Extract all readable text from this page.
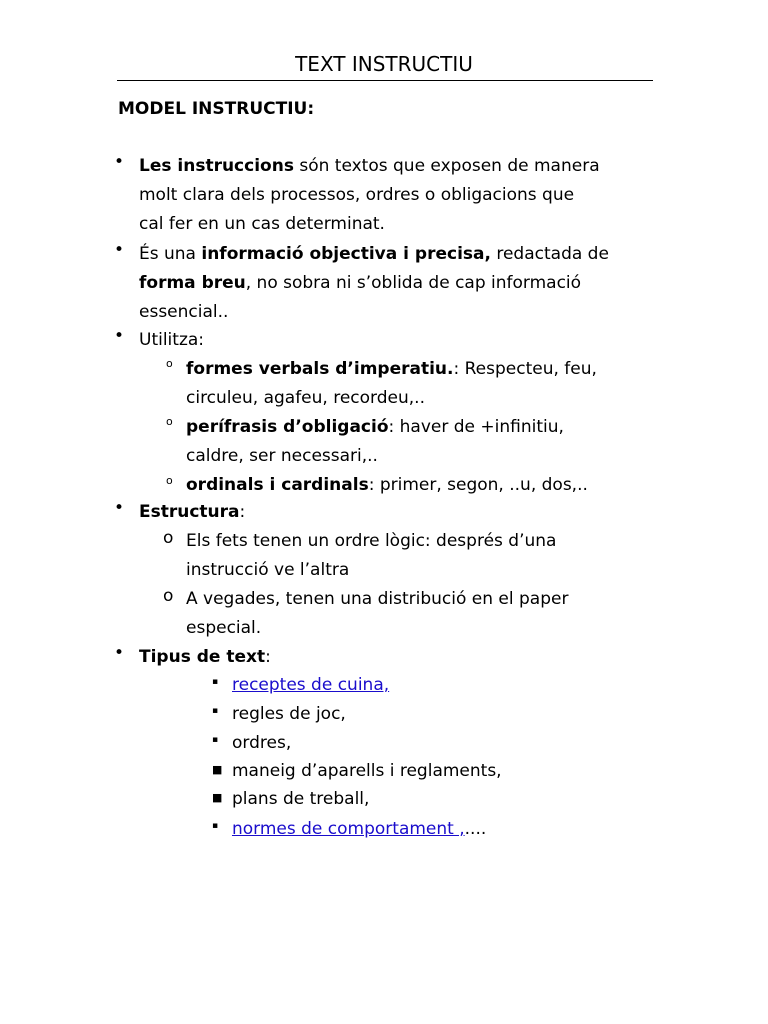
TEXT INSTRUCTIU
MODEL INSTRUCTIU:
• Les instruccions són textos que exposen de manera
molt clara dels processos, ordres o obligacions que
cal fer en un cas determinat.
• És una informació objectiva i precisa, redactada de
forma breu, no sobra ni s’oblida de cap informació
essencial..
• Utilitza:
o formes verbals d’imperatiu.: Respecteu, feu,
circuleu, agafeu, recordeu,..
o perífrasis d’obligació: haver de +infinitiu,
caldre, ser necessari,..
o ordinals i cardinals: primer, segon, ..u, dos,..
• Estructura:
o Els fets tenen un ordre lògic: després d’una
instrucció ve l’altra
o A vegades, tenen una distribució en el paper
especial.
• Tipus de text:
▪ receptes de cuina,
▪ regles de joc,
▪ ordres,
■ maneig d’aparells i reglaments,
■ plans de treball,
▪ normes de comportament ,....
